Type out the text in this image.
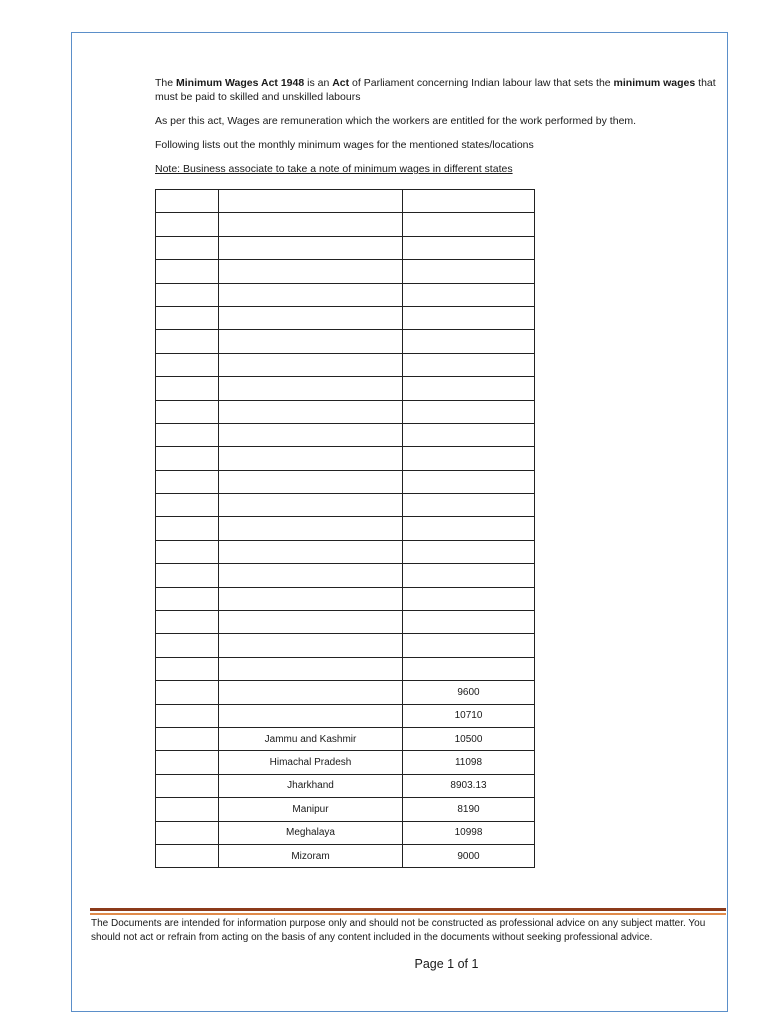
The Minimum Wages Act 1948 is an Act of Parliament concerning Indian labour law that sets the minimum wages that must be paid to skilled and unskilled labours

As per this act, Wages are remuneration which the workers are entitled for the work performed by them.

Following lists out the monthly minimum wages for the mentioned states/locations

Note: Business associate to take a note of minimum wages in different states

		9600
		10710
	Jammu and Kashmir	10500
	Himachal Pradesh	11098
	Jharkhand	8903.13
	Manipur	8190
	Meghalaya	10998
	Mizoram	9000
The Documents are intended for information purpose only and should not be constructed as professional advice on any subject matter. You should not act or refrain from acting on the basis of any content included in the documents without seeking professional advice.
Page 1 of 1
